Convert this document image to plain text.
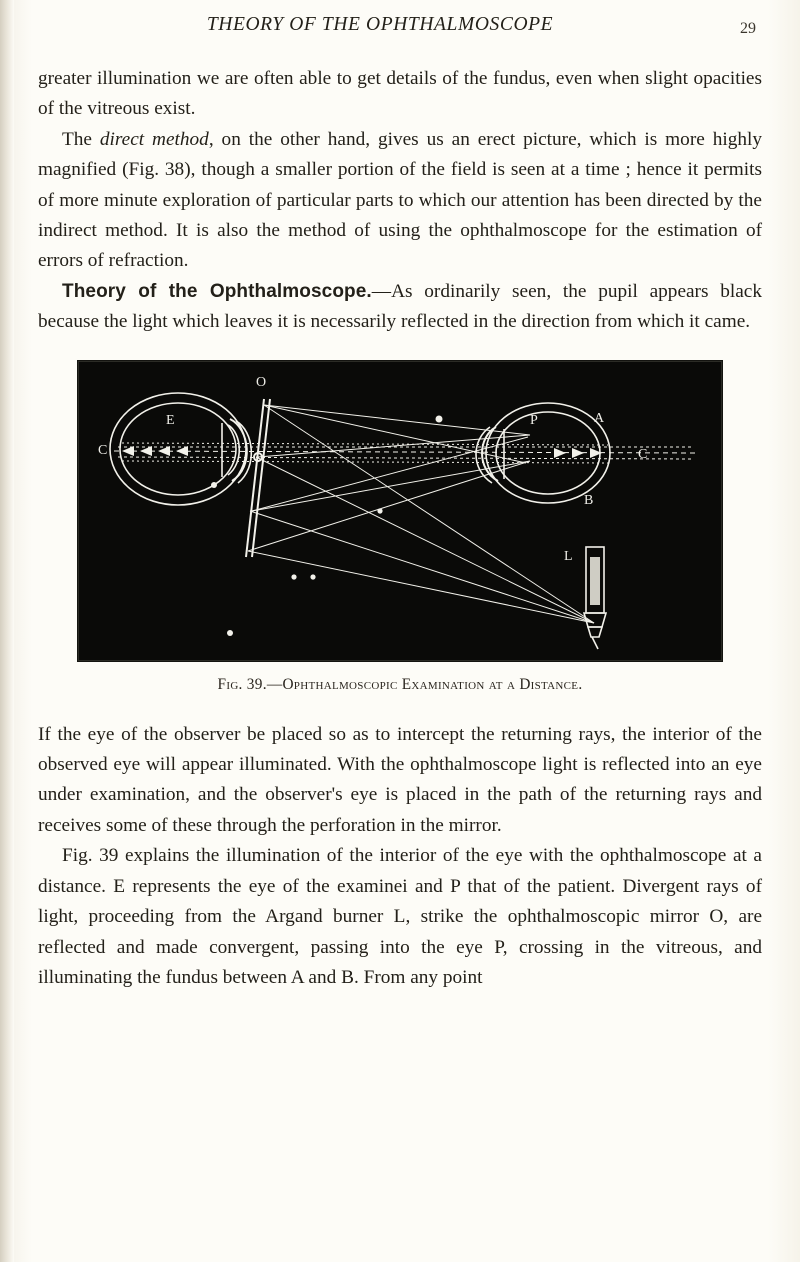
THEORY OF THE OPHTHALMOSCOPE	29

greater illumination we are often able to get details of the fundus, even when slight opacities of the vitreous exist.

The direct method, on the other hand, gives us an erect picture, which is more highly magnified (Fig. 38), though a smaller portion of the field is seen at a time ; hence it permits of more minute exploration of particular parts to which our attention has been directed by the indirect method. It is also the method of using the ophthalmoscope for the estimation of errors of refraction.

Theory of the Ophthalmoscope.—As ordinarily seen, the pupil appears black because the light which leaves it is necessarily reflected in the direction from which it came.

O
E
C
P	A
C
B
L
Fig. 39.—Ophthalmoscopic Examination at a Distance.

If the eye of the observer be placed so as to intercept the returning rays, the interior of the observed eye will appear illuminated. With the ophthalmoscope light is reflected into an eye under examination, and the observer's eye is placed in the path of the returning rays and receives some of these through the perforation in the mirror.

Fig. 39 explains the illumination of the interior of the eye with the ophthalmoscope at a distance. E represents the eye of the examinei and P that of the patient. Divergent rays of light, proceeding from the Argand burner L, strike the ophthalmoscopic mirror O, are reflected and made convergent, passing into the eye P, crossing in the vitreous, and illuminating the fundus between A and B. From any point
